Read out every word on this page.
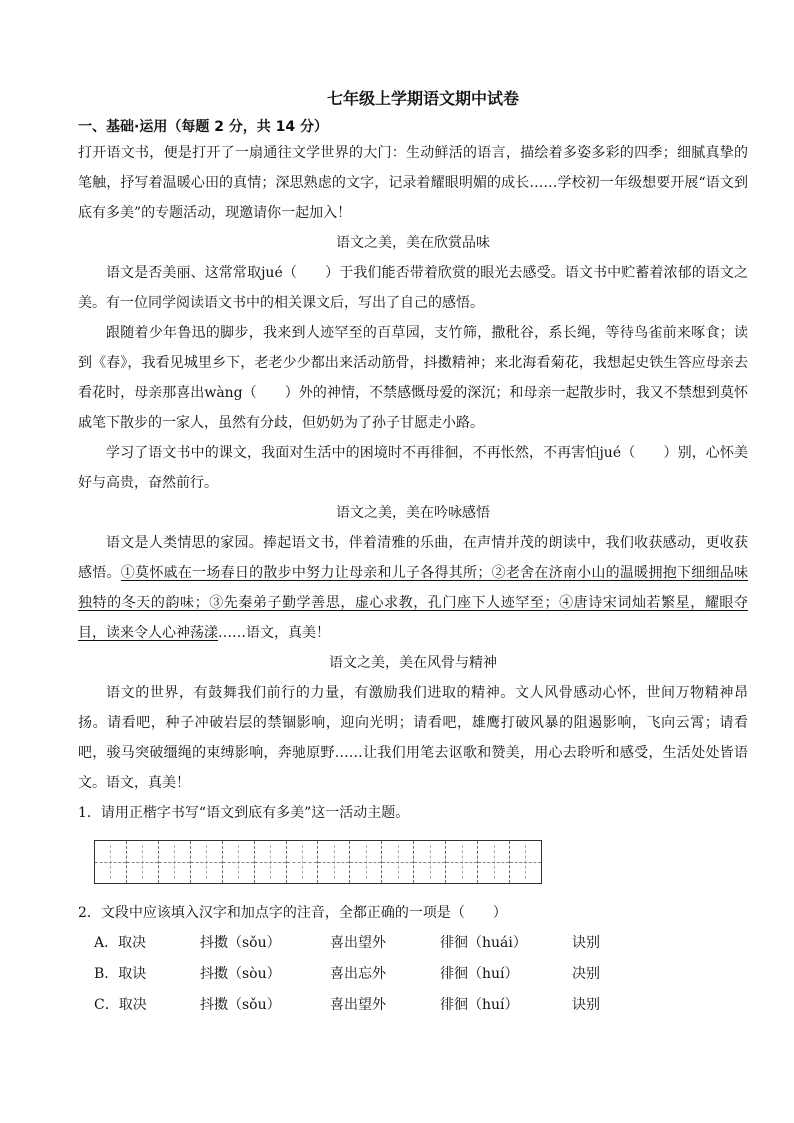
七年级上学期语文期中试卷
一、基础·运用（每题 2 分，共 14 分）

打开语文书，便是打开了一扇通往文学世界的大门：生动鲜活的语言，描绘着多姿多彩的四季；细腻真挚的笔触，抒写着温暖心田的真情；深思熟虑的文字，记录着耀眼明媚的成长……学校初一年级想要开展“语文到底有多美”的专题活动，现邀请你一起加入！

语文之美，美在欣赏品味

语文是否美丽、这常常取jué（　　）于我们能否带着欣赏的眼光去感受。语文书中贮蓄着浓郁的语文之美。有一位同学阅读语文书中的相关课文后，写出了自己的感悟。

跟随着少年鲁迅的脚步，我来到人迹罕至的百草园，支竹筛，撒秕谷，系长绳，等待鸟雀前来啄食；读到《春》，我看见城里乡下，老老少少都出来活动筋骨，抖擞精神；来北海看菊花，我想起史铁生答应母亲去看花时，母亲那喜出wàng（　　）外的神情，不禁感慨母爱的深沉；和母亲一起散步时，我又不禁想到莫怀戚笔下散步的一家人，虽然有分歧，但奶奶为了孙子甘愿走小路。

学习了语文书中的课文，我面对生活中的困境时不再徘徊，不再怅然，不再害怕jué（　　）别，心怀美好与高贵，奋然前行。

语文之美，美在吟咏感悟

语文是人类情思的家园。捧起语文书，伴着清雅的乐曲，在声情并茂的朗读中，我们收获感动，更收获感悟。①莫怀戚在一场春日的散步中努力让母亲和儿子各得其所；②老舍在济南小山的温暖拥抱下细细品味独特的冬天的韵味；③先秦弟子勤学善思，虚心求教，孔门座下人迹罕至；④唐诗宋词灿若繁星，耀眼夺目，读来令人心神荡漾……语文，真美！

语文之美，美在风骨与精神

语文的世界，有鼓舞我们前行的力量，有激励我们进取的精神。文人风骨感动心怀，世间万物精神昂扬。请看吧，种子冲破岩层的禁锢影响，迎向光明；请看吧，雄鹰打破风暴的阻遏影响，飞向云霄；请看吧，骏马突破缰绳的束缚影响，奔驰原野……让我们用笔去讴歌和赞美，用心去聆听和感受，生活处处皆语文。语文，真美！

1．请用正楷字书写“语文到底有多美”这一活动主题。
2．文段中应该填入汉字和加点字的注音，全都正确的一项是（　　）
A．取决	抖擞（sǒu）	喜出望外	徘徊（huái）	诀别
B．取诀	抖擞（sòu）	喜出忘外	徘徊（huí）	决别
C．取决	抖擞（sǒu）	喜出望外	徘徊（huí）	诀别
